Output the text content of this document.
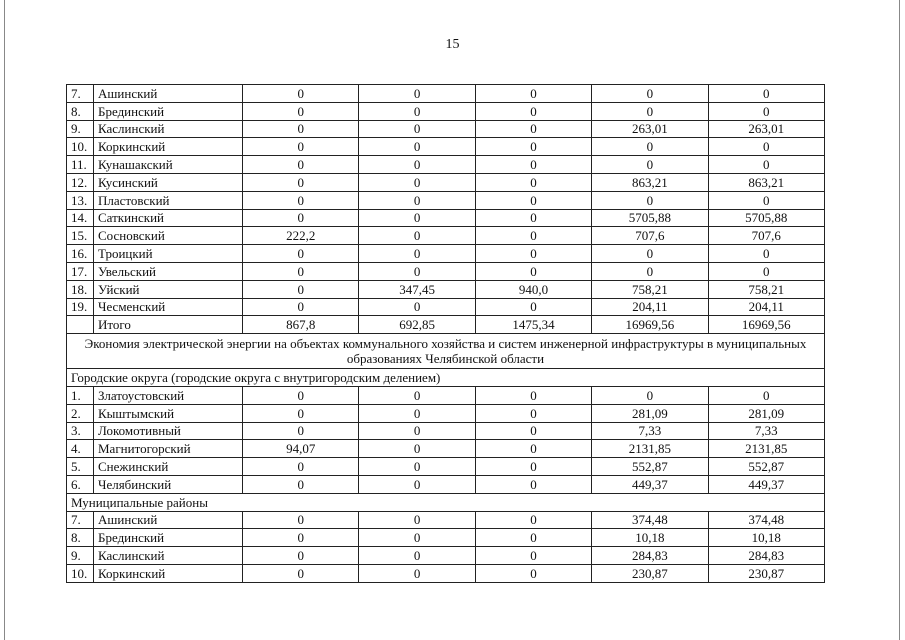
15
7.	Ашинский	0	0	0	0	0
8.	Брединский	0	0	0	0	0
9.	Каслинский	0	0	0	263,01	263,01
10.	Коркинский	0	0	0	0	0
11.	Кунашакский	0	0	0	0	0
12.	Кусинский	0	0	0	863,21	863,21
13.	Пластовский	0	0	0	0	0
14.	Саткинский	0	0	0	5705,88	5705,88
15.	Сосновский	222,2	0	0	707,6	707,6
16.	Троицкий	0	0	0	0	0
17.	Увельский	0	0	0	0	0
18.	Уйский	0	347,45	940,0	758,21	758,21
19.	Чесменский	0	0	0	204,11	204,11
	Итого	867,8	692,85	1475,34	16969,56	16969,56
Экономия электрической энергии на объектах коммунального хозяйства и систем инженерной инфраструктуры в муниципальных образованиях Челябинской области						
Городские округа (городские округа с внутригородским делением)						
1.	Златоустовский	0	0	0	0	0
2.	Кыштымский	0	0	0	281,09	281,09
3.	Локомотивный	0	0	0	7,33	7,33
4.	Магнитогорский	94,07	0	0	2131,85	2131,85
5.	Снежинский	0	0	0	552,87	552,87
6.	Челябинский	0	0	0	449,37	449,37
Муниципальные районы						
7.	Ашинский	0	0	0	374,48	374,48
8.	Брединский	0	0	0	10,18	10,18
9.	Каслинский	0	0	0	284,83	284,83
10.	Коркинский	0	0	0	230,87	230,87
